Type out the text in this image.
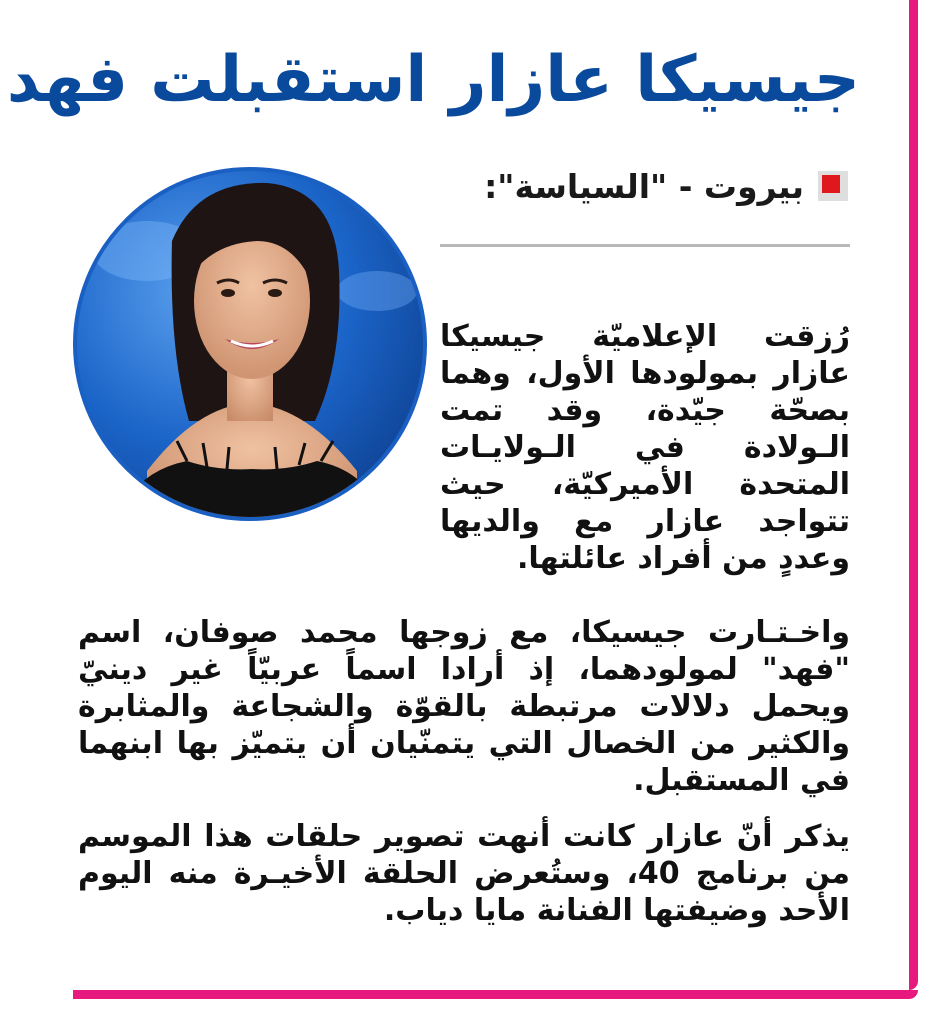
جيسيكا عازار استقبلت فهد
بيروت - "السياسة":
رُزقت الإعلاميّة جيسيكا عازار بمولودها الأول، وهما بصحّة جيّدة، وقد تمت الـولادة في الـولايـات المتحدة الأميركيّة، حيث تتواجد عازار مع والديها وعددٍ من أفراد عائلتها.
واخـتـارت جيسيكا، مع زوجها محمد صوفان، اسم "فهد" لمولودهما، إذ أرادا اسماً عربيّاً غير دينيّ ويحمل دلالات مرتبطة بالقوّة والشجاعة والمثابرة والكثير من الخصال التي يتمنّيان أن يتميّز بها ابنهما في المستقبل.
يذكر أنّ عازار كانت أنهت تصوير حلقات هذا الموسم من برنامج 40، وستُعرض الحلقة الأخيـرة منه اليوم الأحد وضيفتها الفنانة مايا دياب.
